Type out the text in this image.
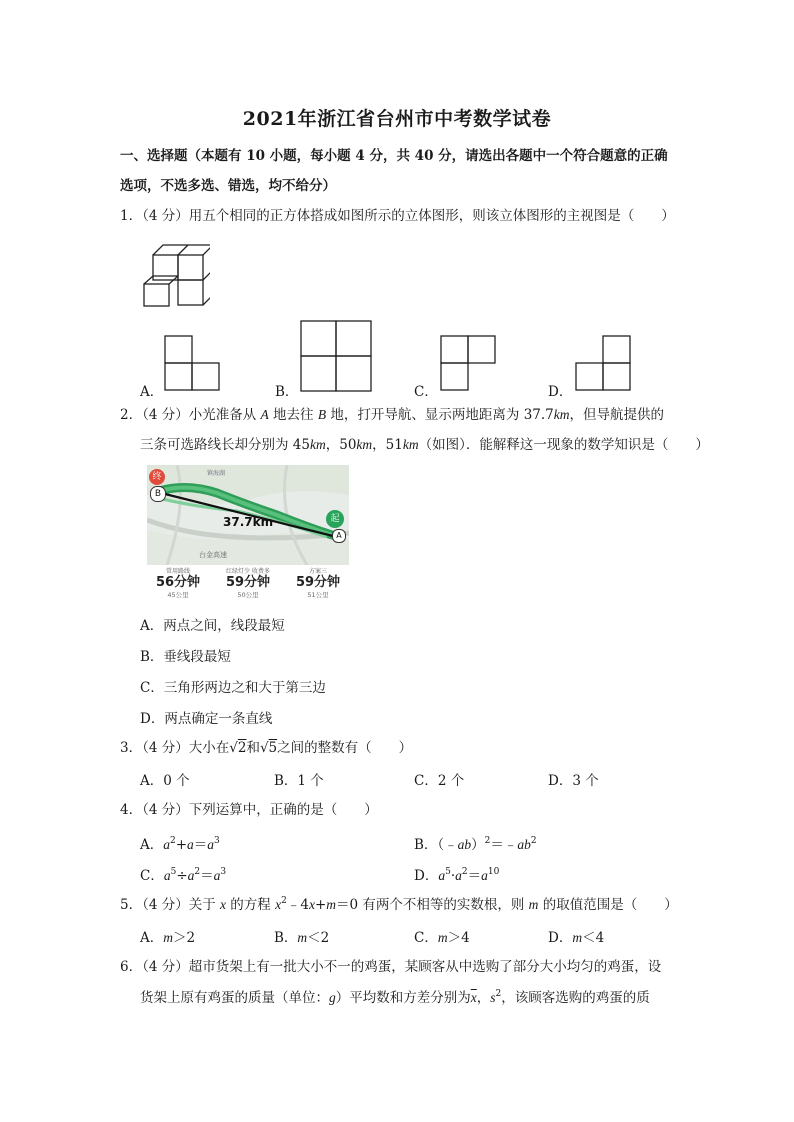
2021年浙江省台州市中考数学试卷
一、选择题（本题有 10 小题，每小题 4 分，共 40 分，请选出各题中一个符合题意的正确
选项，不选多选、错选，均不给分）
1．（4 分）用五个相同的正方体搭成如图所示的立体图形，则该立体图形的主视图是（　　）
A．	B．	C．	D．
2．（4 分）小光准备从 A 地去往 B 地，打开导航、显示两地距离为 37.7km，但导航提供的
三条可选路线长却分别为 45km，50km，51km（如图）．能解释这一现象的数学知识是（　　）
终
B
起
A
37.7km
台金高速
镇海湖
常用路线
56分钟
45公里
红绿灯少 收费多
59分钟
50公里
方案三
59分钟
51公里
A．两点之间，线段最短
B．垂线段最短
C．三角形两边之和大于第三边
D．两点确定一条直线
3．（4 分）大小在√2和√5之间的整数有（　　）
A．0 个	B．1 个	C．2 个	D．3 个
4．（4 分）下列运算中，正确的是（　　）
A．$a^2+a=a^3$	B．$(﹣ab)^2=﹣ab^2$
C．$a^5\div a^2=a^3$	D．$a^5\cdot a^2=a^{10}$
5．（4 分）关于 x 的方程 $x^2﹣4x+m=0$ 有两个不相等的实数根，则 m 的取值范围是（　　）
A．m＞2	B．m＜2	C．m＞4	D．m＜4
6．（4 分）超市货架上有一批大小不一的鸡蛋，某顾客从中选购了部分大小均匀的鸡蛋，设
货架上原有鸡蛋的质量（单位：g）平均数和方差分别为$\overline{x}$，$s^2$，该顾客选购的鸡蛋的质
